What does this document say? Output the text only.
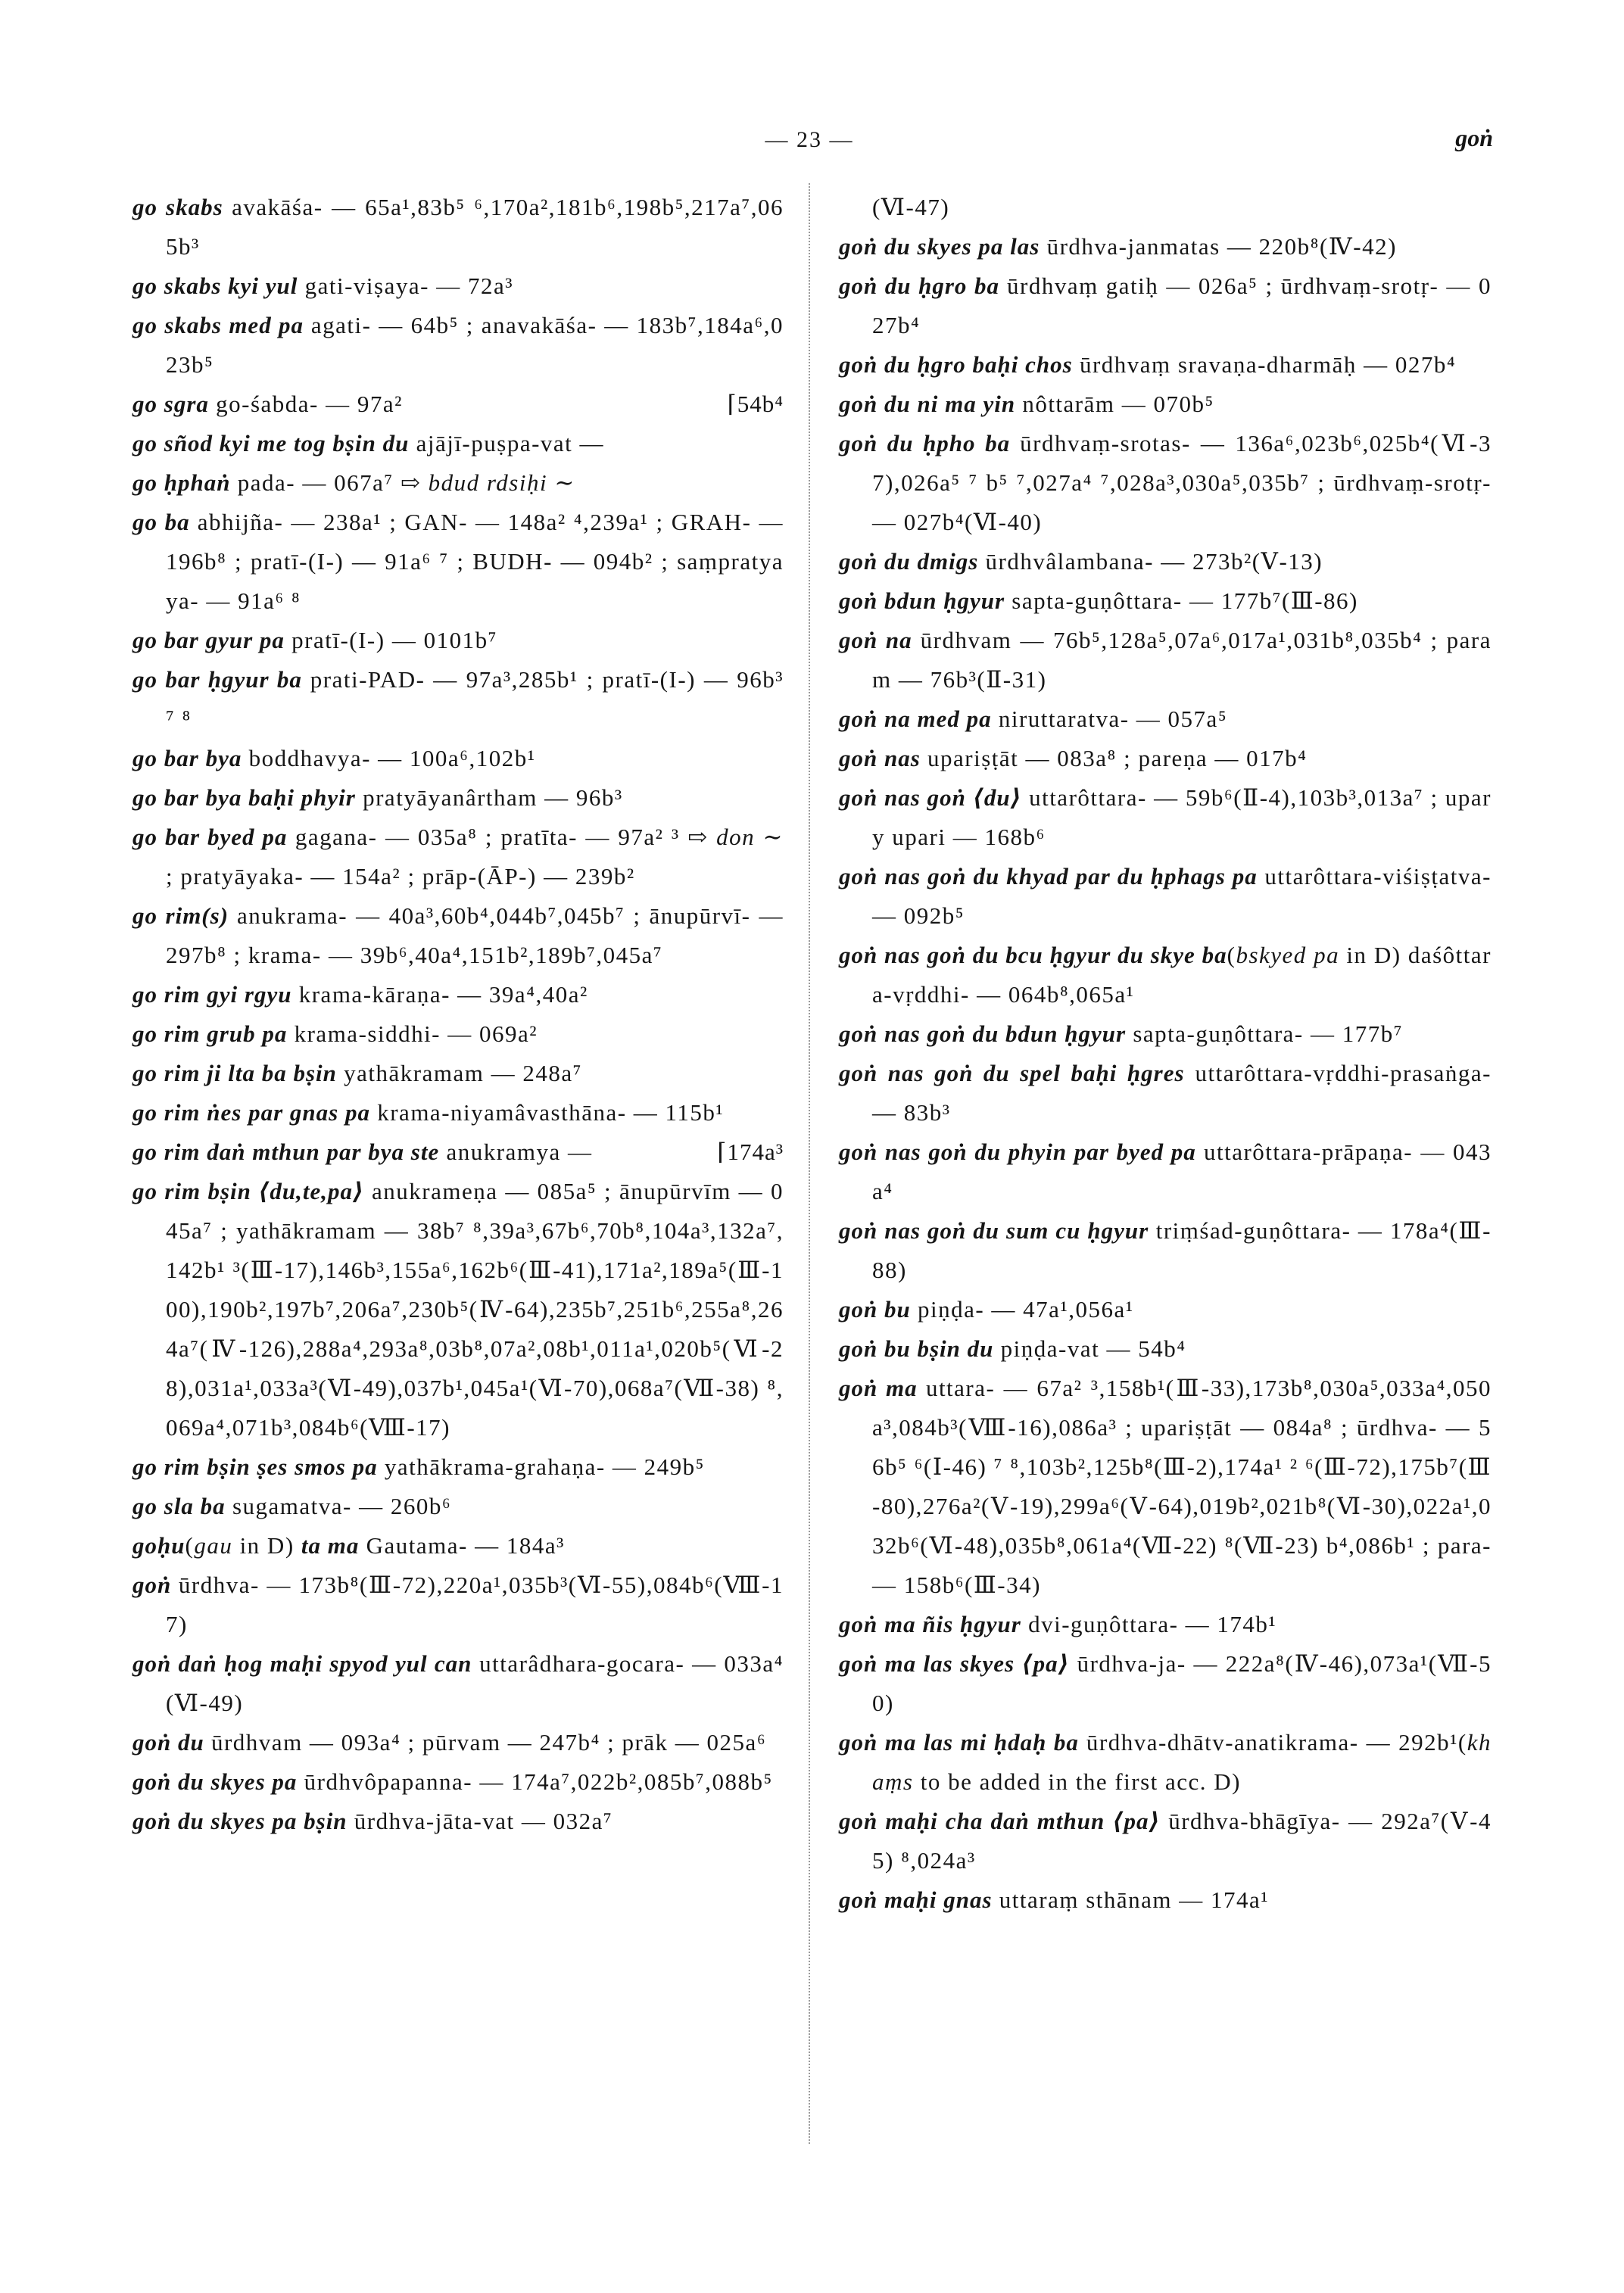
— 23 —	goṅ
go skabs avakāśa- — 65a¹,83b⁵ ⁶,170a²,181b⁶,198b⁵,217a⁷,065b³
go skabs kyi yul gati-viṣaya- — 72a³
go skabs med pa agati- — 64b⁵ ; anavakāśa- — 183b⁷,184a⁶,023b⁵
go sgra go-śabda- — 97a²	⌈54b⁴
go sñod kyi me tog bṣin du ajājī-puṣpa-vat —
go ḥphaṅ pada- — 067a⁷ ⇨ bdud rdsiḥi ∼
go ba abhijña- — 238a¹ ; GAN- — 148a² ⁴,239a¹ ; GRAH- — 196b⁸ ; pratī-(I-) — 91a⁶ ⁷ ; BUDH- — 094b² ; saṃpratyaya- — 91a⁶ ⁸
go bar gyur pa pratī-(I-) — 0101b⁷
go bar ḥgyur ba prati-PAD- — 97a³,285b¹ ; pratī-(I-) — 96b³ ⁷ ⁸
go bar bya boddhavya- — 100a⁶,102b¹
go bar bya baḥi phyir pratyāyanârtham — 96b³
go bar byed pa gagana- — 035a⁸ ; pratīta- — 97a² ³ ⇨ don ∼ ; pratyāyaka- — 154a² ; prāp-(ĀP-) — 239b²
go rim(s) anukrama- — 40a³,60b⁴,044b⁷,045b⁷ ; ānupūrvī- — 297b⁸ ; krama- — 39b⁶,40a⁴,151b²,189b⁷,045a⁷
go rim gyi rgyu krama-kāraṇa- — 39a⁴,40a²
go rim grub pa krama-siddhi- — 069a²
go rim ji lta ba bṣin yathākramam — 248a⁷
go rim ṅes par gnas pa krama-niyamâvasthāna- — 115b¹
⌈174a³
go rim daṅ mthun par bya ste anukramya —
go rim bṣin ⟨du,te,pa⟩ anukrameṇa — 085a⁵ ; ānupūrvīm — 045a⁷ ; yathākramam — 38b⁷ ⁸,39a³,67b⁶,70b⁸,104a³,132a⁷,142b¹ ³(Ⅲ-17),146b³,155a⁶,162b⁶(Ⅲ-41),171a²,189a⁵(Ⅲ-100),190b²,197b⁷,206a⁷,230b⁵(Ⅳ-64),235b⁷,251b⁶,255a⁸,264a⁷(Ⅳ-126),288a⁴,293a⁸,03b⁸,07a²,08b¹,011a¹,020b⁵(Ⅵ-28),031a¹,033a³(Ⅵ-49),037b¹,045a¹(Ⅵ-70),068a⁷(Ⅶ-38) ⁸,069a⁴,071b³,084b⁶(Ⅷ-17)
go rim bṣin ṣes smos pa yathākrama-grahaṇa- — 249b⁵
go sla ba sugamatva- — 260b⁶
goḥu(gau in D) ta ma Gautama- — 184a³
goṅ ūrdhva- — 173b⁸(Ⅲ-72),220a¹,035b³(Ⅵ-55),084b⁶(Ⅷ-17)
goṅ daṅ ḥog maḥi spyod yul can uttarâdhara-gocara- — 033a⁴(Ⅵ-49)
goṅ du ūrdhvam — 093a⁴ ; pūrvam — 247b⁴ ; prāk — 025a⁶
goṅ du skyes pa ūrdhvôpapanna- — 174a⁷,022b²,085b⁷,088b⁵
goṅ du skyes pa bṣin ūrdhva-jāta-vat — 032a⁷
(Ⅵ-47)
goṅ du skyes pa las ūrdhva-janmatas — 220b⁸(Ⅳ-42)
goṅ du ḥgro ba ūrdhvaṃ gatiḥ — 026a⁵ ; ūrdhvaṃ-srotṛ- — 027b⁴
goṅ du ḥgro baḥi chos ūrdhvaṃ sravaṇa-dharmāḥ — 027b⁴
goṅ du ni ma yin nôttarām — 070b⁵
goṅ du ḥpho ba ūrdhvaṃ-srotas- — 136a⁶,023b⁶,025b⁴(Ⅵ-37),026a⁵ ⁷ b⁵ ⁷,027a⁴ ⁷,028a³,030a⁵,035b⁷ ; ūrdhvaṃ-srotṛ- — 027b⁴(Ⅵ-40)
goṅ du dmigs ūrdhvâlambana- — 273b²(Ⅴ-13)
goṅ bdun ḥgyur sapta-guṇôttara- — 177b⁷(Ⅲ-86)
goṅ na ūrdhvam — 76b⁵,128a⁵,07a⁶,017a¹,031b⁸,035b⁴ ; param — 76b³(Ⅱ-31)
goṅ na med pa niruttaratva- — 057a⁵
goṅ nas upariṣṭāt — 083a⁸ ; pareṇa — 017b⁴
goṅ nas goṅ ⟨du⟩ uttarôttara- — 59b⁶(Ⅱ-4),103b³,013a⁷ ; upary upari — 168b⁶
goṅ nas goṅ du khyad par du ḥphags pa uttarôttara-viśiṣṭatva- — 092b⁵
goṅ nas goṅ du bcu ḥgyur du skye ba(bskyed pa in D) daśôttara-vṛddhi- — 064b⁸,065a¹
goṅ nas goṅ du bdun ḥgyur sapta-guṇôttara- — 177b⁷
goṅ nas goṅ du spel baḥi ḥgres uttarôttara-vṛddhi-prasaṅga- — 83b³
goṅ nas goṅ du phyin par byed pa uttarôttara-prāpaṇa- — 043a⁴
goṅ nas goṅ du sum cu ḥgyur triṃśad-guṇôttara- — 178a⁴(Ⅲ-88)
goṅ bu piṇḍa- — 47a¹,056a¹
goṅ bu bṣin du piṇḍa-vat — 54b⁴
goṅ ma uttara- — 67a² ³,158b¹(Ⅲ-33),173b⁸,030a⁵,033a⁴,050a³,084b³(Ⅷ-16),086a³ ; upariṣṭāt — 084a⁸ ; ūrdhva- — 56b⁵ ⁶(Ⅰ-46) ⁷ ⁸,103b²,125b⁸(Ⅲ-2),174a¹ ² ⁶(Ⅲ-72),175b⁷(Ⅲ-80),276a²(Ⅴ-19),299a⁶(Ⅴ-64),019b²,021b⁸(Ⅵ-30),022a¹,032b⁶(Ⅵ-48),035b⁸,061a⁴(Ⅶ-22) ⁸(Ⅶ-23) b⁴,086b¹ ; para- — 158b⁶(Ⅲ-34)
goṅ ma ñis ḥgyur dvi-guṇôttara- — 174b¹
goṅ ma las skyes ⟨pa⟩ ūrdhva-ja- — 222a⁸(Ⅳ-46),073a¹(Ⅶ-50)
goṅ ma las mi ḥdaḥ ba ūrdhva-dhātv-anatikrama- — 292b¹(khaṃs to be added in the first acc. D)
goṅ maḥi cha daṅ mthun ⟨pa⟩ ūrdhva-bhāgīya- — 292a⁷(Ⅴ-45) ⁸,024a³
goṅ maḥi gnas uttaraṃ sthānam — 174a¹
